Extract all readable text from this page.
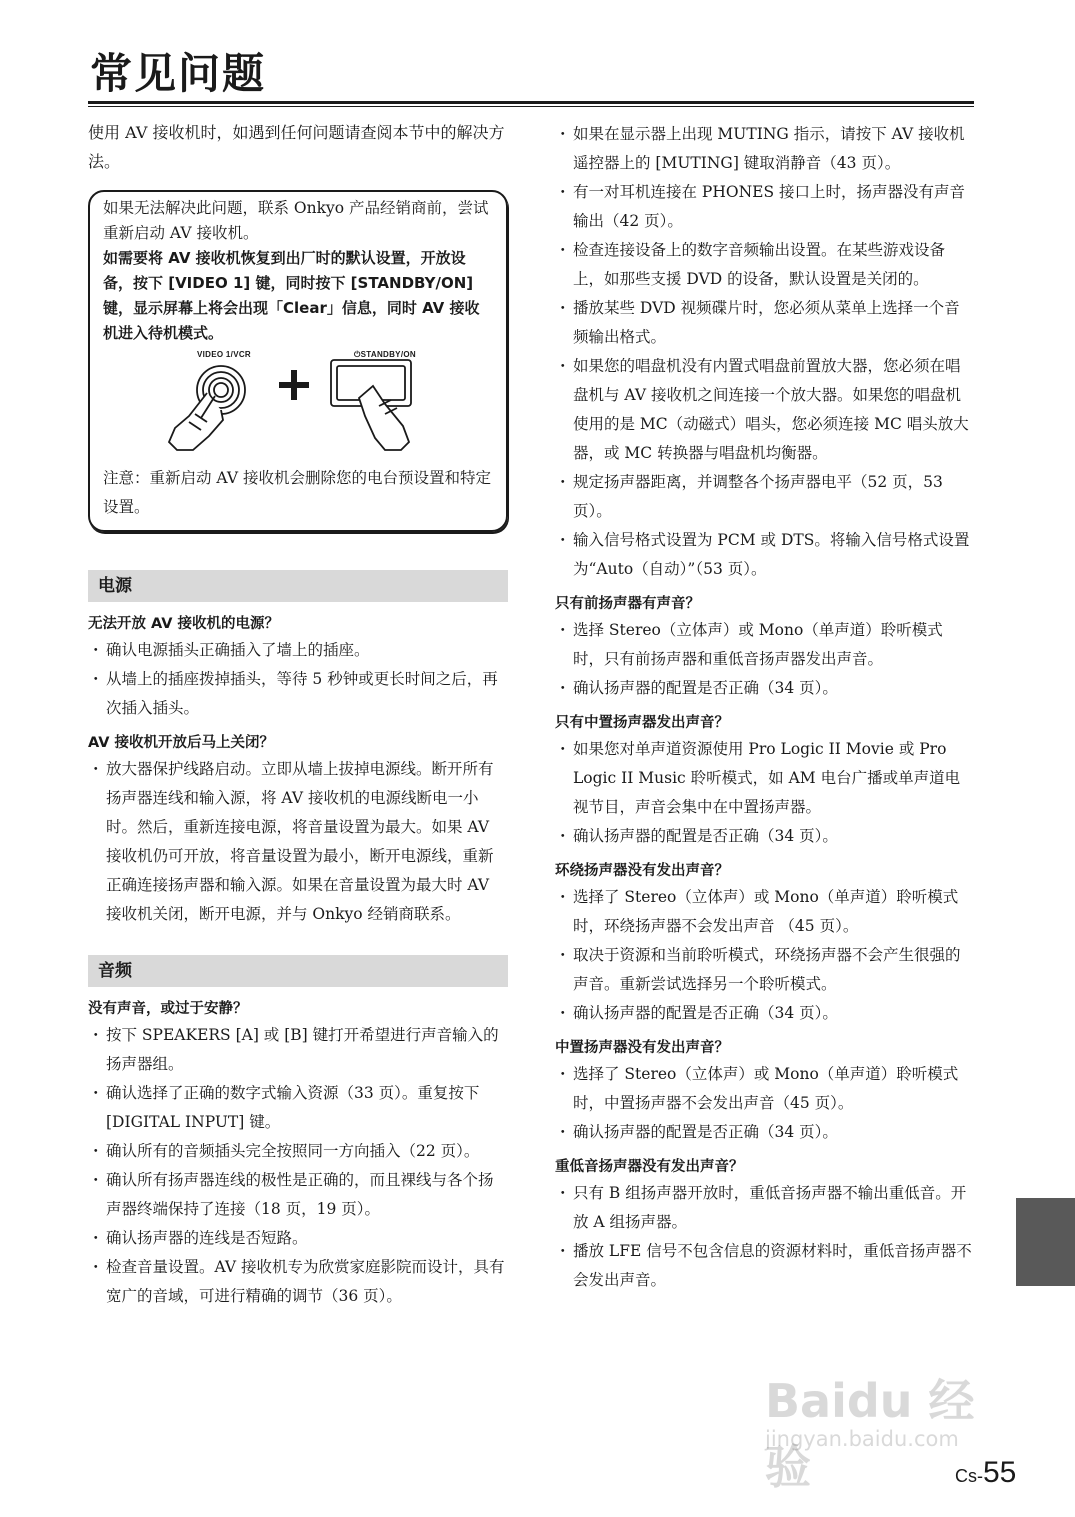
常见问题

使用 AV 接收机时，如遇到任何问题请查阅本节中的解决方法。

如果无法解决此问题，联系 Onkyo 产品经销商前，尝试重新启动 AV 接收机。

如需要将 AV 接收机恢复到出厂时的默认设置，开放设备，按下 [VIDEO 1] 键，同时按下 [STANDBY/ON] 键，显示屏幕上将会出现「Clear」信息，同时 AV 接收机进入待机模式。

VIDEO 1/VCR	⏻STANDBY/ON

注意：重新启动 AV 接收机会删除您的电台预设置和特定设置。

电源
无法开放 AV 接收机的电源？
・ 确认电源插头正确插入了墙上的插座。
・ 从墙上的插座拨掉插头，等待 5 秒钟或更长时间之后，再次插入插头。
AV 接收机开放后马上关闭？
・ 放大器保护线路启动。立即从墙上拔掉电源线。断开所有扬声器连线和输入源，将 AV 接收机的电源线断电一小时。然后，重新连接电源，将音量设置为最大。如果 AV 接收机仍可开放，将音量设置为最小，断开电源线，重新正确连接扬声器和输入源。如果在音量设置为最大时 AV 接收机关闭，断开电源，并与 Onkyo 经销商联系。
音频
没有声音，或过于安静？
・ 按下 SPEAKERS [A] 或 [B] 键打开希望进行声音输入的扬声器组。
・ 确认选择了正确的数字式输入资源（33 页）。重复按下 [DIGITAL INPUT] 键。
・ 确认所有的音频插头完全按照同一方向插入（22 页）。
・ 确认所有扬声器连线的极性是正确的，而且裸线与各个扬声器终端保持了连接（18 页，19 页）。
・ 确认扬声器的连线是否短路。
・ 检查音量设置。AV 接收机专为欣赏家庭影院而设计，具有宽广的音域，可进行精确的调节（36 页）。
・ 如果在显示器上出现 MUTING 指示，请按下 AV 接收机遥控器上的 [MUTING] 键取消静音（43 页）。
・ 有一对耳机连接在 PHONES 接口上时，扬声器没有声音输出（42 页）。
・ 检查连接设备上的数字音频输出设置。在某些游戏设备上，如那些支援 DVD 的设备，默认设置是关闭的。
・ 播放某些 DVD 视频碟片时，您必须从菜单上选择一个音频输出格式。
・ 如果您的唱盘机没有内置式唱盘前置放大器，您必须在唱盘机与 AV 接收机之间连接一个放大器。如果您的唱盘机使用的是 MC（动磁式）唱头，您必须连接 MC 唱头放大器，或 MC 转换器与唱盘机均衡器。
・ 规定扬声器距离，并调整各个扬声器电平（52 页，53 页）。
・ 输入信号格式设置为 PCM 或 DTS。将输入信号格式设置为“Auto（自动）”（53 页）。
只有前扬声器有声音？
・ 选择 Stereo（立体声）或 Mono（单声道）聆听模式时，只有前扬声器和重低音扬声器发出声音。
・ 确认扬声器的配置是否正确（34 页）。
只有中置扬声器发出声音？
・ 如果您对单声道资源使用 Pro Logic II Movie 或 Pro Logic II Music 聆听模式，如 AM 电台广播或单声道电视节目，声音会集中在中置扬声器。
・ 确认扬声器的配置是否正确（34 页）。
环绕扬声器没有发出声音？
・ 选择了 Stereo（立体声）或 Mono（单声道）聆听模式时，环绕扬声器不会发出声音 （45 页）。
・ 取决于资源和当前聆听模式，环绕扬声器不会产生很强的声音。重新尝试选择另一个聆听模式。
・ 确认扬声器的配置是否正确（34 页）。
中置扬声器没有发出声音？
・ 选择了 Stereo（立体声）或 Mono（单声道）聆听模式时，中置扬声器不会发出声音（45 页）。
・ 确认扬声器的配置是否正确（34 页）。
重低音扬声器没有发出声音？
・ 只有 B 组扬声器开放时，重低音扬声器不输出重低音。开放 A 组扬声器。
・ 播放 LFE 信号不包含信息的资源材料时，重低音扬声器不会发出声音。
Baidu 经验
jingyan.baidu.com
Cs-55
